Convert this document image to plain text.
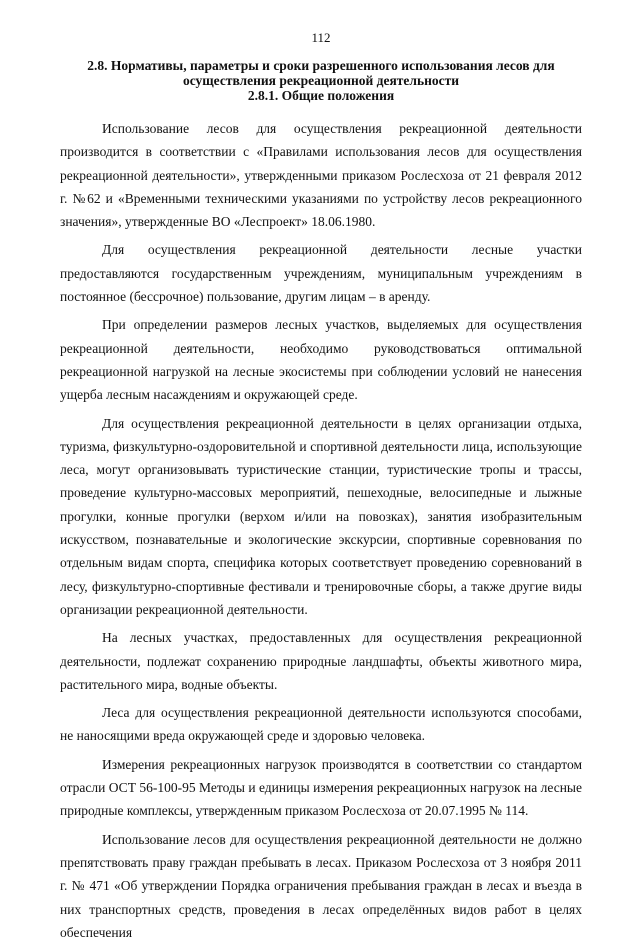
112
2.8. Нормативы, параметры и сроки разрешенного использования лесов для осуществления рекреационной деятельности
2.8.1. Общие положения

Использование лесов для осуществления рекреационной деятельности производится в соответствии с «Правилами использования лесов для осуществления рекреационной деятельности», утвержденными приказом Рослесхоза от 21 февраля 2012 г. №62 и «Временными техническими указаниями по устройству лесов рекреационного значения», утвержденные ВО «Леспроект» 18.06.1980.

Для осуществления рекреационной деятельности лесные участки предоставляются государственным учреждениям, муниципальным учреждениям в постоянное (бессрочное) пользование, другим лицам – в аренду.

При определении размеров лесных участков, выделяемых для осуществления рекреационной деятельности, необходимо руководствоваться оптимальной рекреационной нагрузкой на лесные экосистемы при соблюдении условий не нанесения ущерба лесным насаждениям и окружающей среде.

Для осуществления рекреационной деятельности в целях организации отдыха, туризма, физкультурно-оздоровительной и спортивной деятельности лица, использующие леса, могут организовывать туристические станции, туристические тропы и трассы, проведение культурно-массовых мероприятий, пешеходные, велосипедные и лыжные прогулки, конные прогулки (верхом и/или на повозках), занятия изобразительным искусством, познавательные и экологические экскурсии, спортивные соревнования по отдельным видам спорта, специфика которых соответствует проведению соревнований в лесу, физкультурно-спортивные фестивали и тренировочные сборы, а также другие виды организации рекреационной деятельности.

На лесных участках, предоставленных для осуществления рекреационной деятельности, подлежат сохранению природные ландшафты, объекты животного мира, растительного мира, водные объекты.

Леса для осуществления рекреационной деятельности используются способами, не наносящими вреда окружающей среде и здоровью человека.

Измерения рекреационных нагрузок производятся в соответствии со стандартом отрасли ОСТ 56-100-95 Методы и единицы измерения рекреационных нагрузок на лесные природные комплексы, утвержденным приказом Рослесхоза от 20.07.1995 № 114.

Использование лесов для осуществления рекреационной деятельности не должно препятствовать праву граждан пребывать в лесах. Приказом Рослесхоза от 3 ноября 2011 г. № 471 «Об утверждении Порядка ограничения пребывания граждан в лесах и въезда в них транспортных средств, проведения в лесах определённых видов работ в целях обеспечения
